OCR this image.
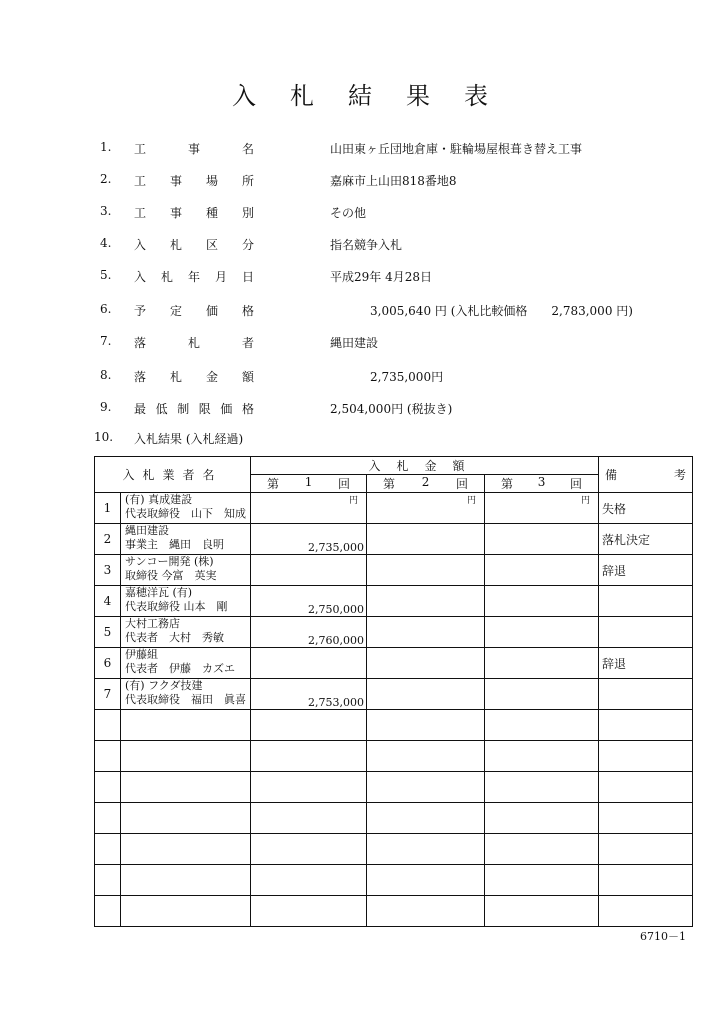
入札結果表
1.	工	事	名	山田東ヶ丘団地倉庫・駐輪場屋根葺き替え工事
2.	工 事 場 所	嘉麻市上山田818番地8
3.	工 事 種 別	その他
4.	入 札 区 分	指名競争入札
5.	入 札 年 月 日	平成29年 4月28日
6.	予 定 価 格	3,005,640 円 (入札比較価格　　2,783,000 円)
7.	落	札	者	縄田建設
8.	落 札 金 額	2,735,000円
9.	最 低 制 限 価 格	2,504,000円 (税抜き)
10.	入札結果 (入札経過)
入札業者名		入札金額			備 考

		第 1 回	第 2 回	第 3 回	

1	(有) 真成建設
代表取締役　山下　知成	円	円	円	失格
2	縄田建設
事業主　縄田　良明	2,735,000			落札決定
3	サンコー開発 (株)
取締役 今富　英実				辞退
4	嘉穂洋瓦 (有)
代表取締役 山本　剛	2,750,000			
5	大村工務店
代表者　大村　秀敏	2,760,000			
6	伊藤組
代表者　伊藤　カズエ				辞退
7	(有) フクダ技建
代表取締役　福田　眞喜	2,753,000			

6710－1
